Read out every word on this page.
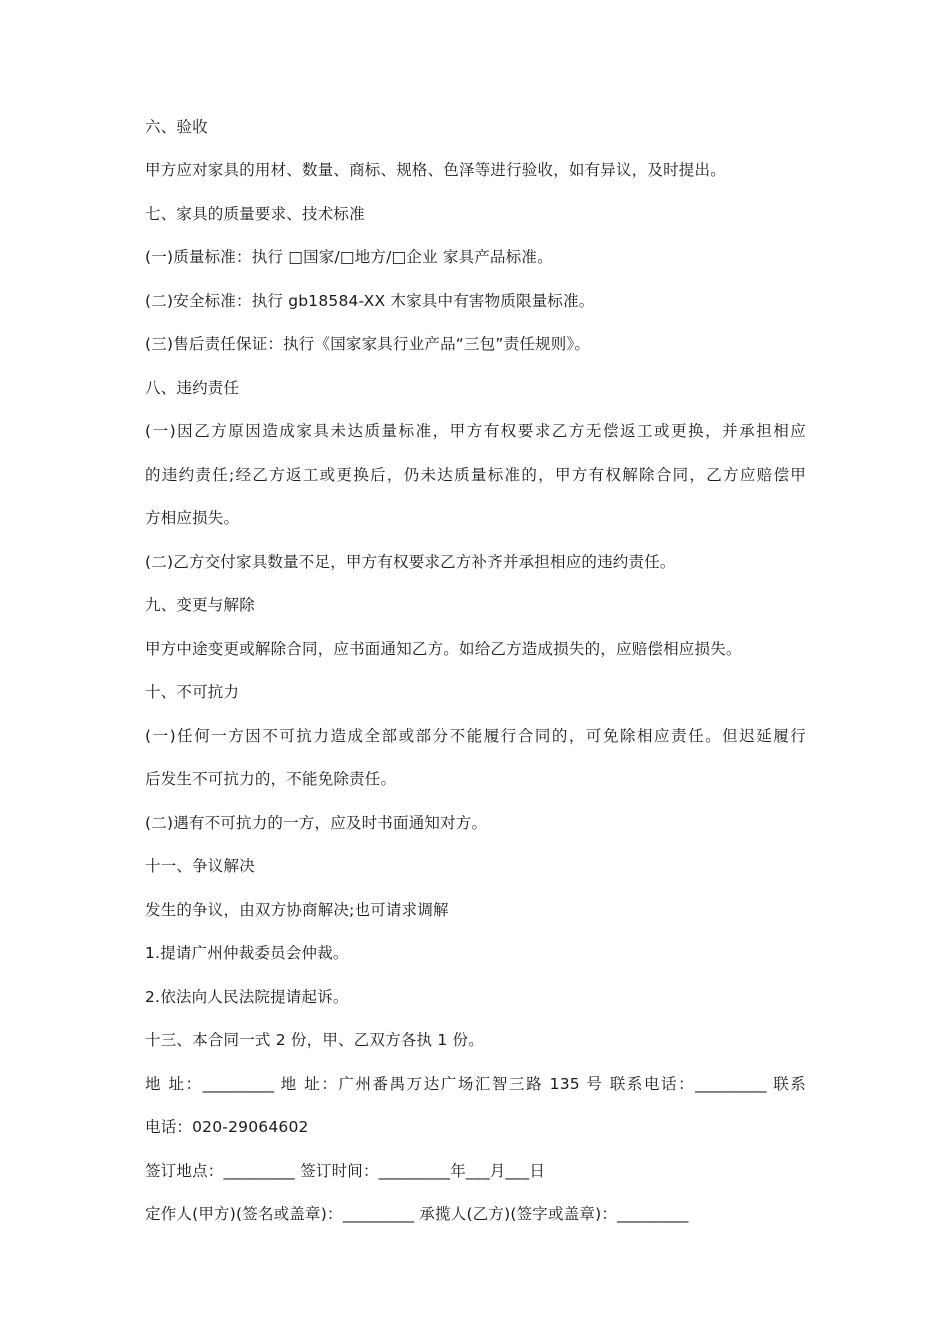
六、验收
甲方应对家具的用材、数量、商标、规格、色泽等进行验收，如有异议，及时提出。
七、家具的质量要求、技术标准
(一)质量标准：执行 □国家/□地方/□企业 家具产品标准。
(二)安全标准：执行 gb18584-XX 木家具中有害物质限量标准。
(三)售后责任保证：执行《国家家具行业产品“三包”责任规则》。
八、违约责任
(一)因乙方原因造成家具未达质量标准，甲方有权要求乙方无偿返工或更换，并承担相应
的违约责任;经乙方返工或更换后，仍未达质量标准的，甲方有权解除合同，乙方应赔偿甲
方相应损失。
(二)乙方交付家具数量不足，甲方有权要求乙方补齐并承担相应的违约责任。
九、变更与解除
甲方中途变更或解除合同，应书面通知乙方。如给乙方造成损失的，应赔偿相应损失。
十、不可抗力
(一)任何一方因不可抗力造成全部或部分不能履行合同的，可免除相应责任。但迟延履行
后发生不可抗力的，不能免除责任。
(二)遇有不可抗力的一方，应及时书面通知对方。
十一、争议解决
发生的争议，由双方协商解决;也可请求调解
1.提请广州仲裁委员会仲裁。
2.依法向人民法院提请起诉。
十三、本合同一式 2 份，甲、乙双方各执 1 份。
地 址：_________ 地 址：广州番禺万达广场汇智三路 135 号 联系电话：_________ 联系
电话：020-29064602
签订地点：_________ 签订时间：_________年___月___日
定作人(甲方)(签名或盖章)：_________ 承揽人(乙方)(签字或盖章)：_________
